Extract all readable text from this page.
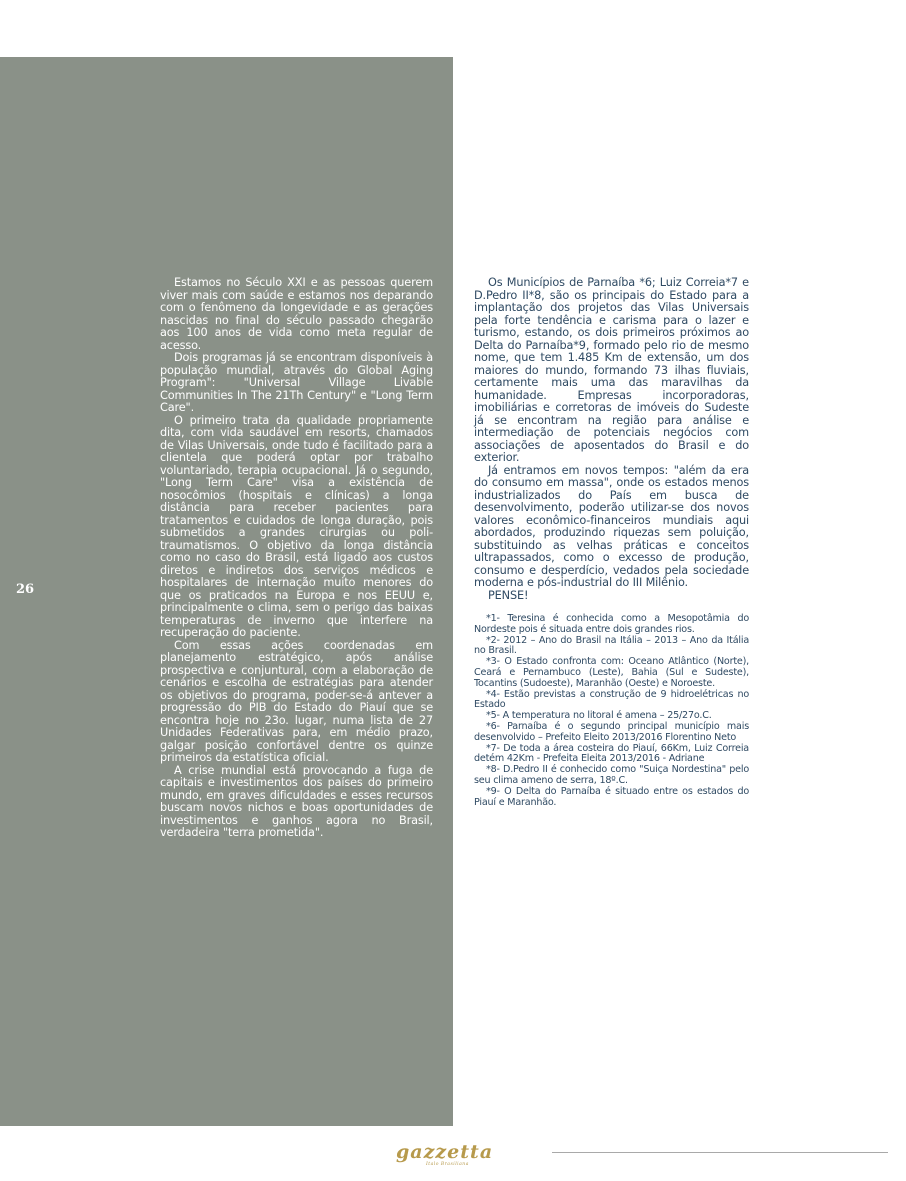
26

Estamos no Século XXI e as pessoas querem viver mais com saúde e estamos nos deparando com o fenômeno da longevidade e as gerações nascidas no final do século passado chegarão aos 100 anos de vida como meta regular de acesso.

Dois programas já se encontram disponíveis à população mundial, através do Global Aging Program": "Universal Village Livable Communities In The 21Th Century" e "Long Term Care".

O primeiro trata da qualidade propriamente dita, com vida saudável em resorts, chamados de Vilas Universais, onde tudo é facilitado para a clientela que poderá optar por trabalho voluntariado, terapia ocupacional. Já o segundo, "Long Term Care" visa a existência de nosocômios (hospitais e clínicas) a longa distância para receber pacientes para tratamentos e cuidados de longa duração, pois submetidos a grandes cirurgias ou poli-traumatismos. O objetivo da longa distância como no caso do Brasil, está ligado aos custos diretos e indiretos dos serviços médicos e hospitalares de internação muito menores do que os praticados na Europa e nos EEUU e, principalmente o clima, sem o perigo das baixas temperaturas de inverno que interfere na recuperação do paciente.

Com essas ações coordenadas em planejamento estratégico, após análise prospectiva e conjuntural, com a elaboração de cenários e escolha de estratégias para atender os objetivos do programa, poder-se-á antever a progressão do PIB do Estado do Piauí que se encontra hoje no 23o. lugar, numa lista de 27 Unidades Federativas para, em médio prazo, galgar posição confortável dentre os quinze primeiros da estatística oficial.

A crise mundial está provocando a fuga de capitais e investimentos dos países do primeiro mundo, em graves dificuldades e esses recursos buscam novos nichos e boas oportunidades de investimentos e ganhos agora no Brasil, verdadeira "terra prometida".

Os Municípios de Parnaíba *6; Luiz Correia*7 e D.Pedro II*8, são os principais do Estado para a implantação dos projetos das Vilas Universais pela forte tendência e carisma para o lazer e turismo, estando, os dois primeiros próximos ao Delta do Parnaíba*9, formado pelo rio de mesmo nome, que tem 1.485 Km de extensão, um dos maiores do mundo, formando 73 ilhas fluviais, certamente mais uma das maravilhas da humanidade. Empresas incorporadoras, imobiliárias e corretoras de imóveis do Sudeste já se encontram na região para análise e intermediação de potenciais negócios com associações de aposentados do Brasil e do exterior.

Já entramos em novos tempos: "além da era do consumo em massa", onde os estados menos industrializados do País em busca de desenvolvimento, poderão utilizar-se dos novos valores econômico-financeiros mundiais aqui abordados, produzindo riquezas sem poluição, substituindo as velhas práticas e conceitos ultrapassados, como o excesso de produção, consumo e desperdício, vedados pela sociedade moderna e pós-industrial do III Milênio.

PENSE!

*1- Teresina é conhecida como a Mesopotâmia do Nordeste pois é situada entre dois grandes rios.

*2- 2012 – Ano do Brasil na Itália – 2013 – Ano da Itália no Brasil.

*3- O Estado confronta com: Oceano Atlântico (Norte), Ceará e Pernambuco (Leste), Bahia (Sul e Sudeste), Tocantins (Sudoeste), Maranhão (Oeste) e Noroeste.

*4- Estão previstas a construção de 9 hidroelétricas no Estado

*5- A temperatura no litoral é amena – 25/27o.C.

*6- Parnaíba é o segundo principal município mais desenvolvido – Prefeito Eleito 2013/2016 Florentino Neto

*7- De toda a área costeira do Piauí, 66Km, Luiz Correia detém 42Km - Prefeita Eleita 2013/2016 - Adriane

*8- D.Pedro II é conhecido como "Suiça Nordestina" pelo seu clima ameno de serra, 18º.C.

*9- O Delta do Parnaíba é situado entre os estados do Piauí e Maranhão.

gazzetta
Italo Brasiliana
